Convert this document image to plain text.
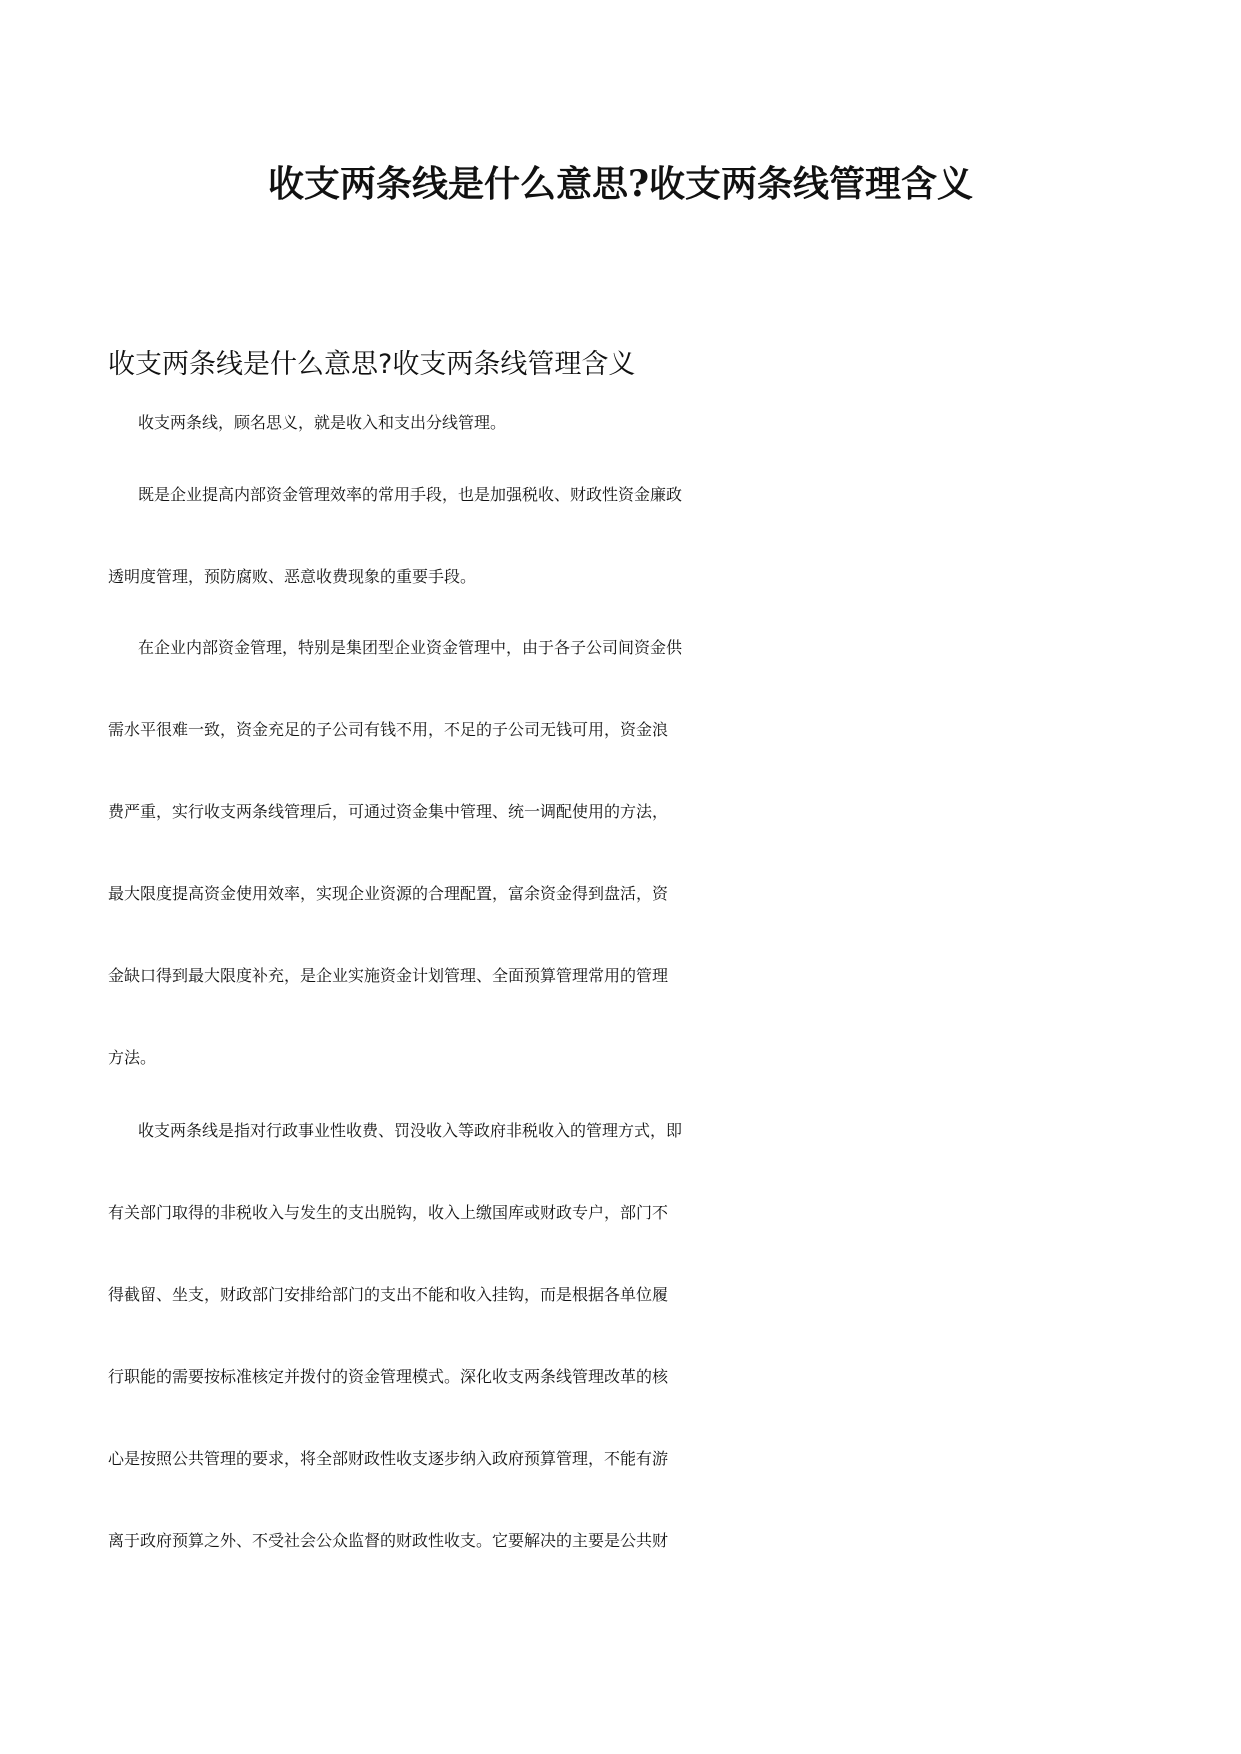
收支两条线是什么意思?收支两条线管理含义

收支两条线是什么意思?收支两条线管理含义

收支两条线，顾名思义，就是收入和支出分线管理。
既是企业提高内部资金管理效率的常用手段，也是加强税收、财政性资金廉政
透明度管理，预防腐败、恶意收费现象的重要手段。
在企业内部资金管理，特别是集团型企业资金管理中，由于各子公司间资金供
需水平很难一致，资金充足的子公司有钱不用，不足的子公司无钱可用，资金浪
费严重，实行收支两条线管理后，可通过资金集中管理、统一调配使用的方法，
最大限度提高资金使用效率，实现企业资源的合理配置，富余资金得到盘活，资
金缺口得到最大限度补充，是企业实施资金计划管理、全面预算管理常用的管理
方法。
收支两条线是指对行政事业性收费、罚没收入等政府非税收入的管理方式，即
有关部门取得的非税收入与发生的支出脱钩，收入上缴国库或财政专户，部门不
得截留、坐支，财政部门安排给部门的支出不能和收入挂钩，而是根据各单位履
行职能的需要按标准核定并拨付的资金管理模式。深化收支两条线管理改革的核
心是按照公共管理的要求，将全部财政性收支逐步纳入政府预算管理，不能有游
离于政府预算之外、不受社会公众监督的财政性收支。它要解决的主要是公共财
